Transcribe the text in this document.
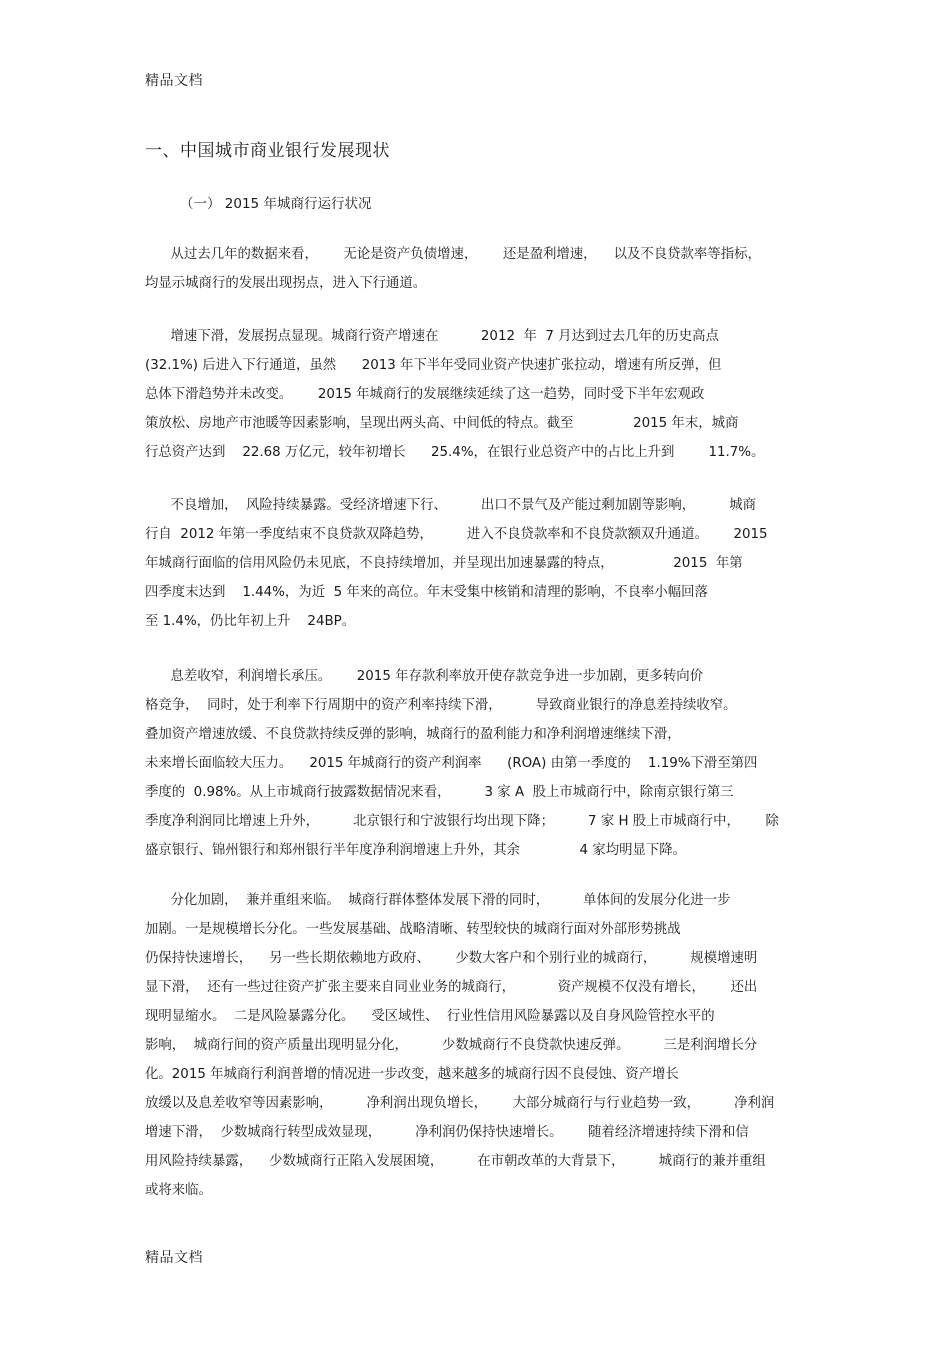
精品文档
一、中国城市商业银行发展现状
（一） 2015 年城商行运行状况
从过去几年的数据来看，      无论是资产负债增速，      还是盈利增速，    以及不良贷款率等指标，
均显示城商行的发展出现拐点，进入下行通道。
增速下滑，发展拐点显现。城商行资产增速在          2012  年  7 月达到过去几年的历史高点
(32.1%) 后进入下行通道，虽然      2013 年下半年受同业资产快速扩张拉动，增速有所反弹，但
总体下滑趋势并未改变。      2015 年城商行的发展继续延续了这一趋势，同时受下半年宏观政
策放松、房地产市池暖等因素影响，呈现出两头高、中间低的特点。截至              2015 年末，城商
行总资产达到    22.68 万亿元，较年初增长      25.4%，在银行业总资产中的占比上升到        11.7%。
不良增加，  风险持续暴露。受经济增速下行、        出口不景气及产能过剩加剧等影响，        城商
行自  2012 年第一季度结束不良贷款双降趋势，        进入不良贷款率和不良贷款额双升通道。      2015
年城商行面临的信用风险仍未见底，不良持续增加，并呈现出加速暴露的特点，              2015  年第
四季度末达到    1.44%，为近  5 年来的高位。年末受集中核销和清理的影响，不良率小幅回落
至 1.4%，仍比年初上升    24BP。
息差收窄，利润增长承压。      2015 年存款利率放开使存款竞争进一步加剧，更多转向价
格竞争，  同时，处于利率下行周期中的资产利率持续下滑，        导致商业银行的净息差持续收窄。
叠加资产增速放缓、不良贷款持续反弹的影响，城商行的盈利能力和净利润增速继续下滑，
未来增长面临较大压力。    2015 年城商行的资产利润率      (ROA) 由第一季度的    1.19%下滑至第四
季度的  0.98%。从上市城商行披露数据情况来看，        3 家 A  股上市城商行中，除南京银行第三
季度净利润同比增速上升外，        北京银行和宁波银行均出现下降；        7 家 H 股上市城商行中，      除
盛京银行、锦州银行和郑州银行半年度净利润增速上升外，其余              4 家均明显下降。
分化加剧，  兼并重组来临。  城商行群体整体发展下滑的同时，        单体间的发展分化进一步
加剧。一是规模增长分化。一些发展基础、战略清晰、转型较快的城商行面对外部形势挑战
仍保持快速增长，    另一些长期依赖地方政府、      少数大客户和个别行业的城商行，        规模增速明
显下滑，  还有一些过往资产扩张主要来自同业业务的城商行，          资产规模不仅没有增长，      还出
现明显缩水。  二是风险暴露分化。    受区域性、  行业性信用风险暴露以及自身风险管控水平的
影响，  城商行间的资产质量出现明显分化，        少数城商行不良贷款快速反弹。        三是利润增长分
化。2015 年城商行利润普增的情况进一步改变，越来越多的城商行因不良侵蚀、资产增长
放缓以及息差收窄等因素影响，        净利润出现负增长，      大部分城商行与行业趋势一致，        净利润
增速下滑，  少数城商行转型成效显现，        净利润仍保持快速增长。      随着经济增速持续下滑和信
用风险持续暴露，    少数城商行正陷入发展困境，        在市朝改革的大背景下，        城商行的兼并重组
或将来临。
精品文档
